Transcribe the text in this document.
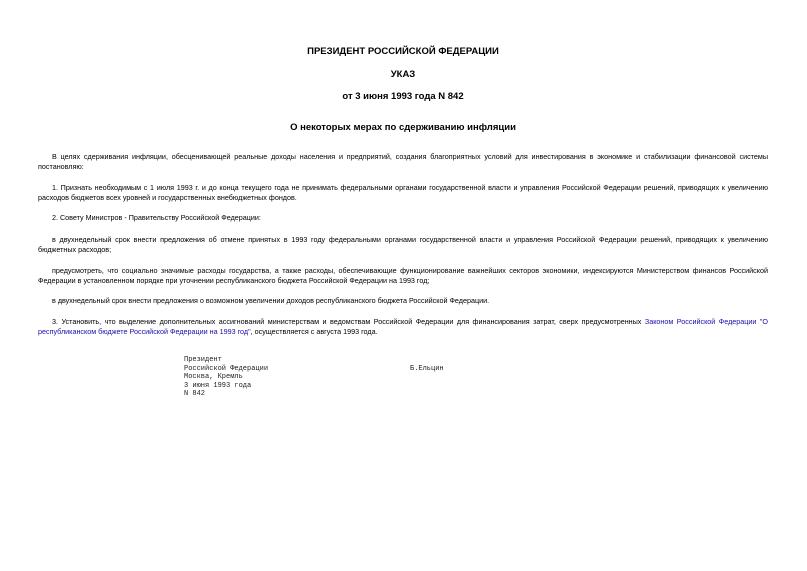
ПРЕЗИДЕНТ РОССИЙСКОЙ ФЕДЕРАЦИИ

УКАЗ

от 3 июня 1993 года N 842

О некоторых мерах по сдерживанию инфляции

В целях сдерживания инфляции, обесценивающей реальные доходы населения и предприятий, создания благоприятных условий для инвестирования в экономике и стабилизации финансовой системы постановляю:

1. Признать необходимым с 1 июля 1993 г. и до конца текущего года не принимать федеральными органами государственной власти и управления Российской Федерации решений, приводящих к увеличению расходов бюджетов всех уровней и государственных внебюджетных фондов.

2. Совету Министров - Правительству Российской Федерации:

в двухнедельный срок внести предложения об отмене принятых в 1993 году федеральными органами государственной власти и управления Российской Федерации решений, приводящих к увеличению бюджетных расходов;

предусмотреть, что социально значимые расходы государства, а также расходы, обеспечивающие функционирование важнейших секторов экономики, индексируются Министерством финансов Российской Федерации в установленном порядке при уточнении республиканского бюджета Российской Федерации на 1993 год;

в двухнедельный срок внести предложения о возможном увеличении доходов республиканского бюджета Российской Федерации.

3. Установить, что выделение дополнительных ассигнований министерствам и ведомствам Российской Федерации для финансирования затрат, сверх предусмотренных Законом Российской Федерации "О республиканском бюджете Российской Федерации на 1993 год", осуществляется с августа 1993 года.

Президент
Российской Федерации
Москва, Кремль
3 июня 1993 года
N 842
Б.Ельцин
